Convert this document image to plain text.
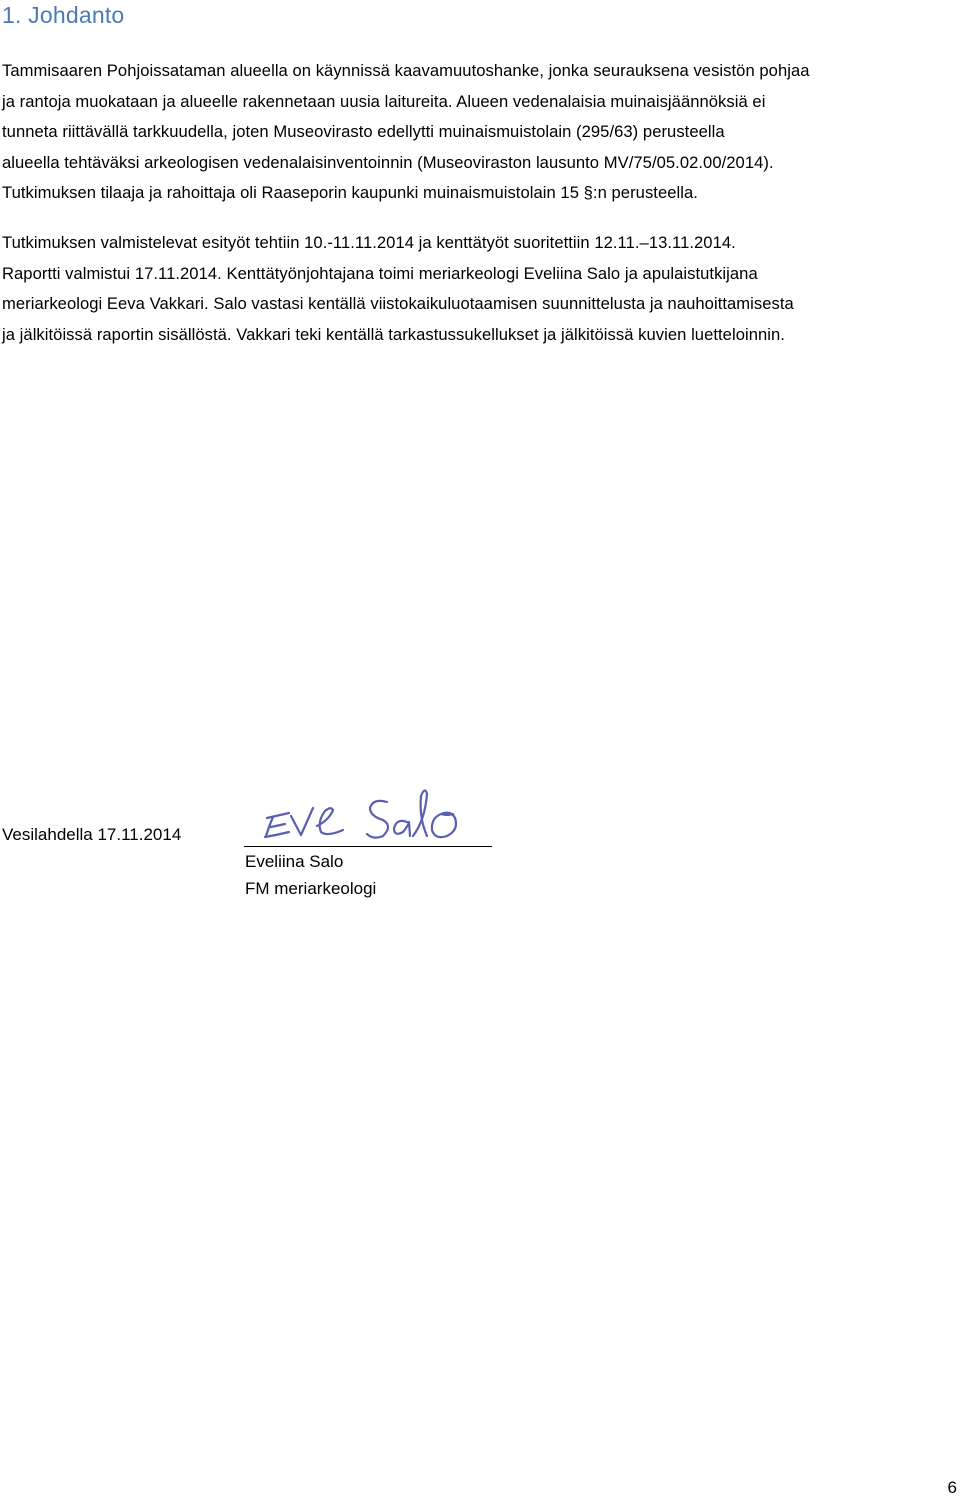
1. Johdanto

Tammisaaren Pohjoissataman alueella on käynnissä kaavamuutoshanke, jonka seurauksena vesistön pohjaa
ja rantoja muokataan ja alueelle rakennetaan uusia laitureita. Alueen vedenalaisia muinaisjäännöksiä ei
tunneta riittävällä tarkkuudella, joten Museovirasto edellytti muinaismuistolain (295/63) perusteella
alueella tehtäväksi arkeologisen vedenalaisinventoinnin (Museoviraston lausunto MV/75/05.02.00/2014).
Tutkimuksen tilaaja ja rahoittaja oli Raaseporin kaupunki muinaismuistolain 15 §:n perusteella.

Tutkimuksen valmistelevat esityöt tehtiin 10.-11.11.2014 ja kenttätyöt suoritettiin 12.11.–13.11.2014.
Raportti valmistui 17.11.2014. Kenttätyönjohtajana toimi meriarkeologi Eveliina Salo ja apulaistutkijana
meriarkeologi Eeva Vakkari. Salo vastasi kentällä viistokaikuluotaamisen suunnittelusta ja nauhoittamisesta
ja jälkitöissä raportin sisällöstä. Vakkari teki kentällä tarkastussukellukset ja jälkitöissä kuvien luetteloinnin.

Vesilahdella 17.11.2014
Eveliina Salo
FM meriarkeologi
6
